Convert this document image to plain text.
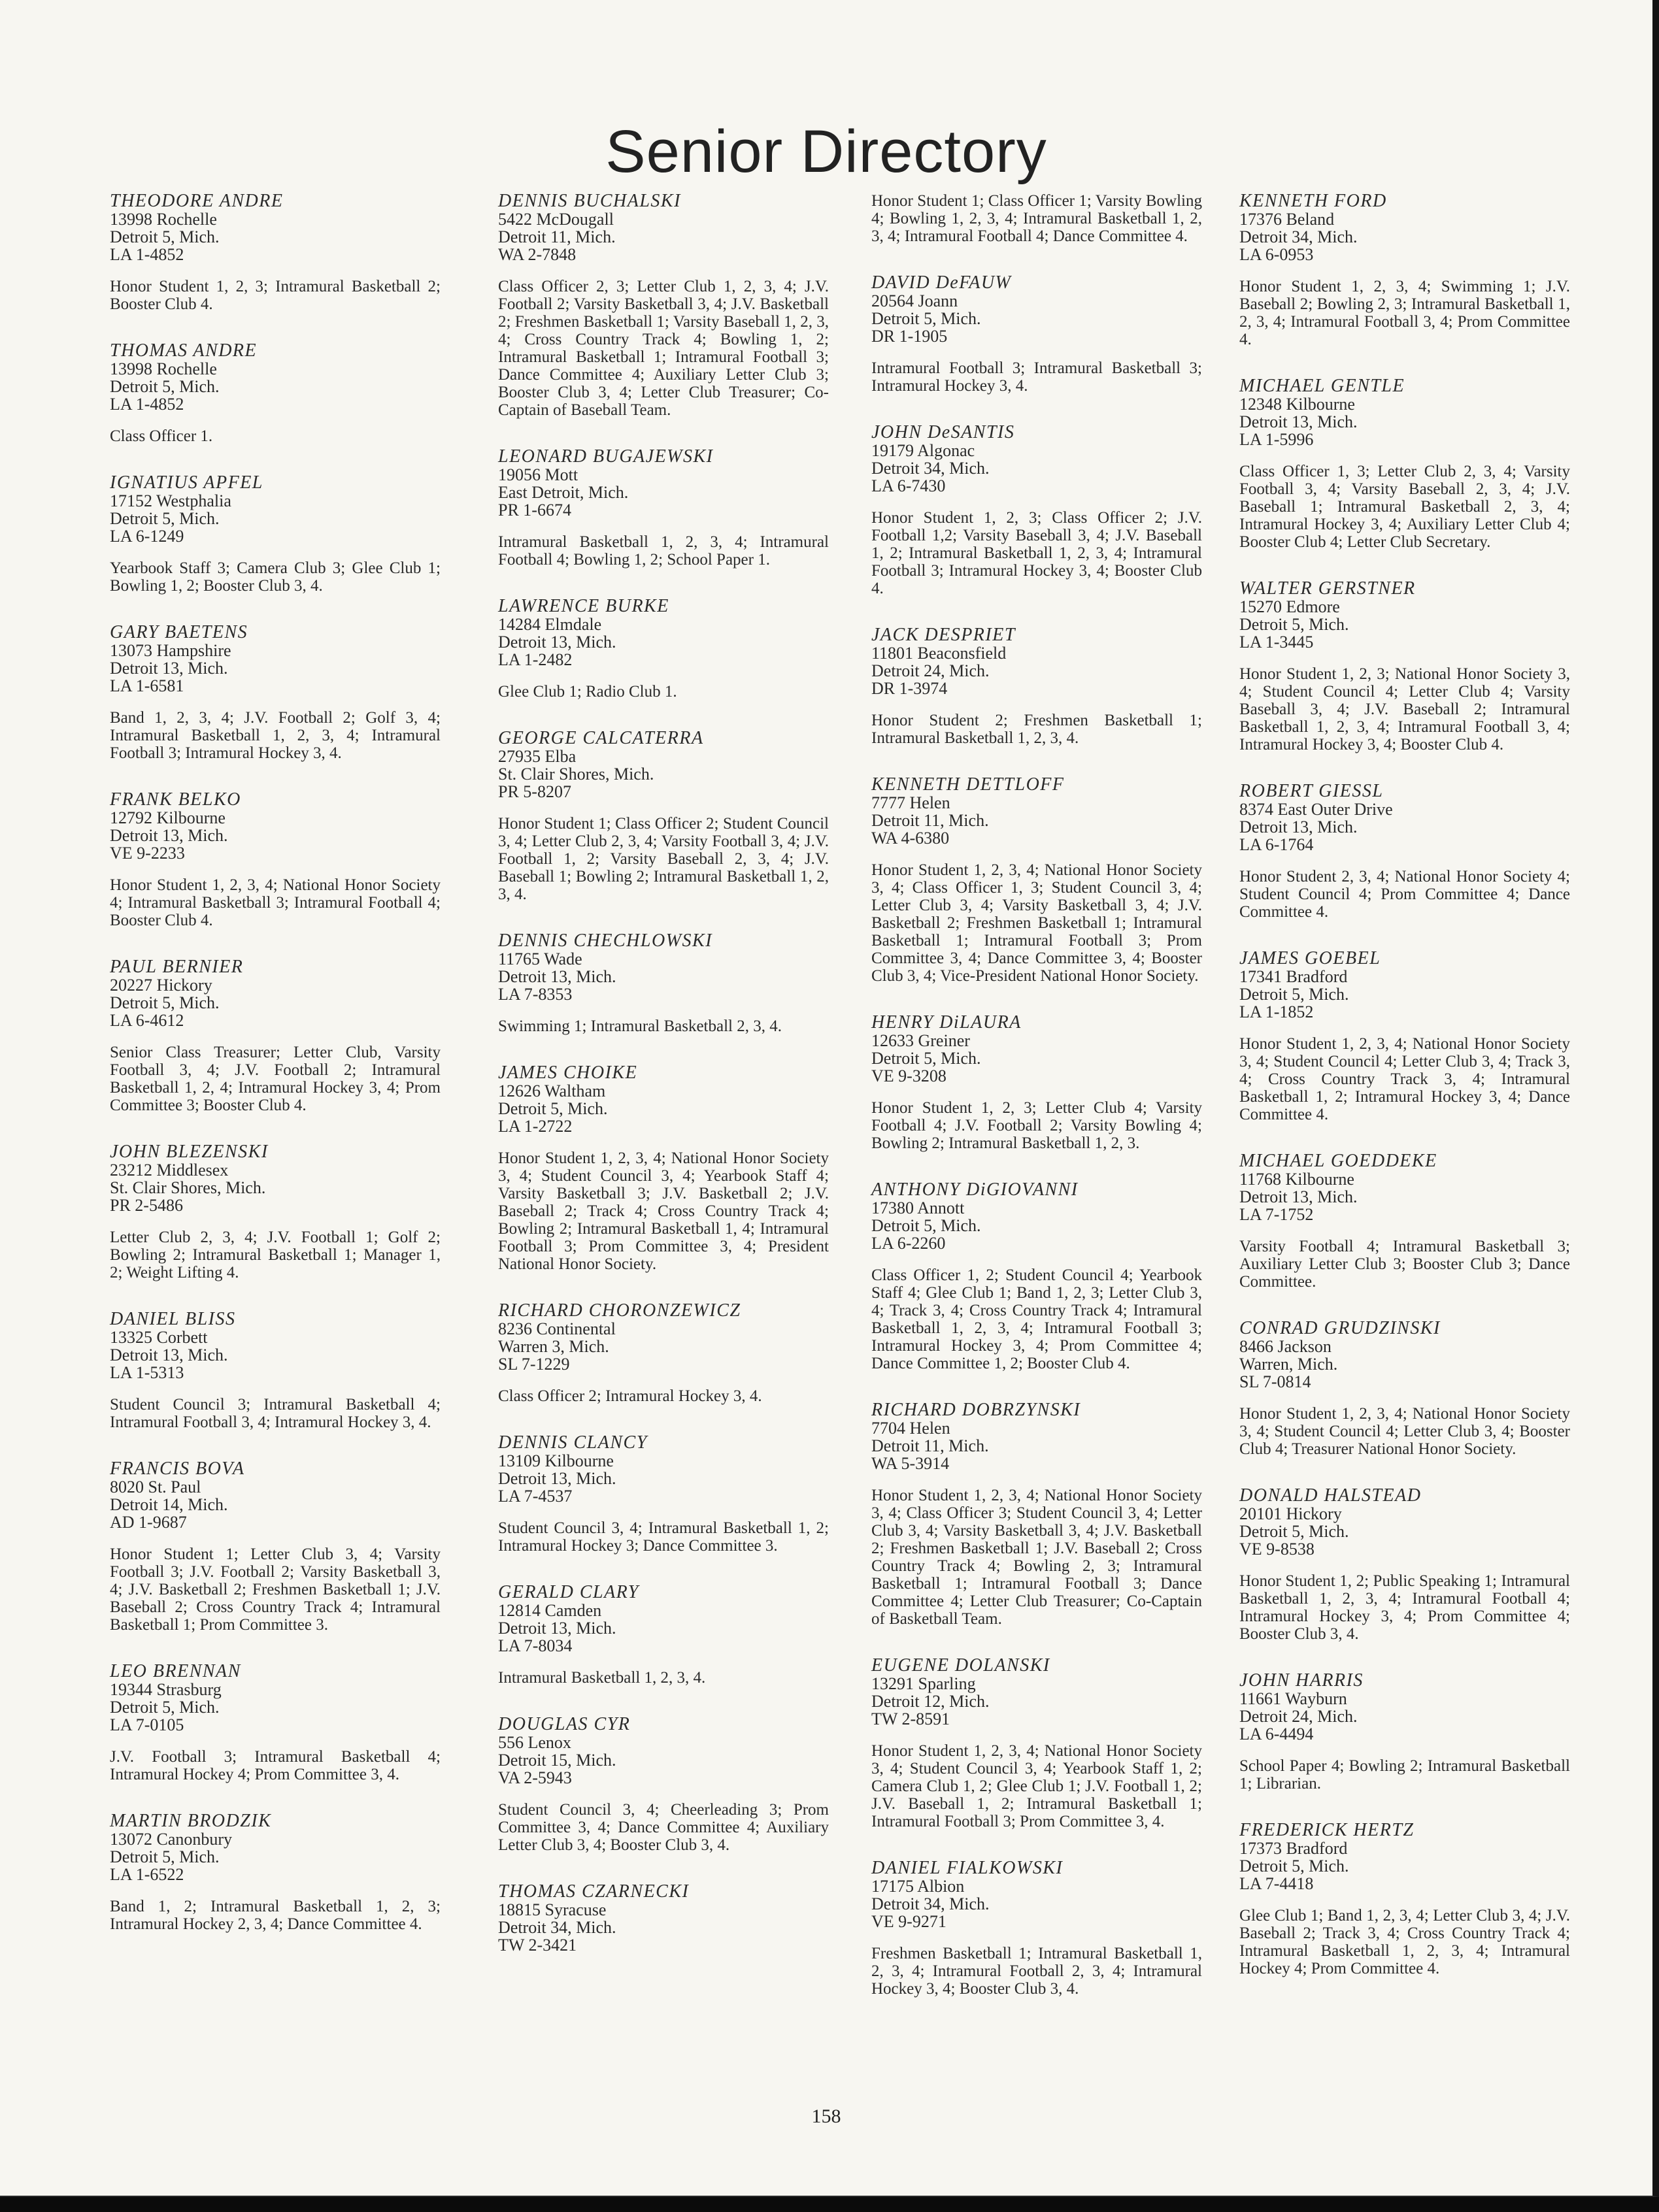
Senior Directory
THEODORE ANDRE
13998 Rochelle
Detroit 5, Mich.
LA 1-4852
Honor Student 1, 2, 3; Intramural Basketball 2; Booster Club 4.
THOMAS ANDRE
13998 Rochelle
Detroit 5, Mich.
LA 1-4852
Class Officer 1.
IGNATIUS APFEL
17152 Westphalia
Detroit 5, Mich.
LA 6-1249
Yearbook Staff 3; Camera Club 3; Glee Club 1; Bowling 1, 2; Booster Club 3, 4.
GARY BAETENS
13073 Hampshire
Detroit 13, Mich.
LA 1-6581
Band 1, 2, 3, 4; J.V. Football 2; Golf 3, 4; Intramural Basketball 1, 2, 3, 4; Intramural Football 3; Intramural Hockey 3, 4.
FRANK BELKO
12792 Kilbourne
Detroit 13, Mich.
VE 9-2233
Honor Student 1, 2, 3, 4; National Honor Society 4; Intramural Basketball 3; Intramural Football 4; Booster Club 4.
PAUL BERNIER
20227 Hickory
Detroit 5, Mich.
LA 6-4612
Senior Class Treasurer; Letter Club, Varsity Football 3, 4; J.V. Football 2; Intramural Basketball 1, 2, 4; Intramural Hockey 3, 4; Prom Committee 3; Booster Club 4.
JOHN BLEZENSKI
23212 Middlesex
St. Clair Shores, Mich.
PR 2-5486
Letter Club 2, 3, 4; J.V. Football 1; Golf 2; Bowling 2; Intramural Basketball 1; Manager 1, 2; Weight Lifting 4.
DANIEL BLISS
13325 Corbett
Detroit 13, Mich.
LA 1-5313
Student Council 3; Intramural Basketball 4; Intramural Football 3, 4; Intramural Hockey 3, 4.
FRANCIS BOVA
8020 St. Paul
Detroit 14, Mich.
AD 1-9687
Honor Student 1; Letter Club 3, 4; Varsity Football 3; J.V. Football 2; Varsity Basketball 3, 4; J.V. Basketball 2; Freshmen Basketball 1; J.V. Baseball 2; Cross Country Track 4; Intramural Basketball 1; Prom Committee 3.
LEO BRENNAN
19344 Strasburg
Detroit 5, Mich.
LA 7-0105
J.V. Football 3; Intramural Basketball 4; Intramural Hockey 4; Prom Committee 3, 4.
MARTIN BRODZIK
13072 Canonbury
Detroit 5, Mich.
LA 1-6522
Band 1, 2; Intramural Basketball 1, 2, 3; Intramural Hockey 2, 3, 4; Dance Committee 4.
DENNIS BUCHALSKI
5422 McDougall
Detroit 11, Mich.
WA 2-7848
Class Officer 2, 3; Letter Club 1, 2, 3, 4; J.V. Football 2; Varsity Basketball 3, 4; J.V. Basketball 2; Freshmen Basketball 1; Varsity Baseball 1, 2, 3, 4; Cross Country Track 4; Bowling 1, 2; Intramural Basketball 1; Intramural Football 3; Dance Committee 4; Auxiliary Letter Club 3; Booster Club 3, 4; Letter Club Treasurer; Co-Captain of Baseball Team.
LEONARD BUGAJEWSKI
19056 Mott
East Detroit, Mich.
PR 1-6674
Intramural Basketball 1, 2, 3, 4; Intramural Football 4; Bowling 1, 2; School Paper 1.
LAWRENCE BURKE
14284 Elmdale
Detroit 13, Mich.
LA 1-2482
Glee Club 1; Radio Club 1.
GEORGE CALCATERRA
27935 Elba
St. Clair Shores, Mich.
PR 5-8207
Honor Student 1; Class Officer 2; Student Council 3, 4; Letter Club 2, 3, 4; Varsity Football 3, 4; J.V. Football 1, 2; Varsity Baseball 2, 3, 4; J.V. Baseball 1; Bowling 2; Intramural Basketball 1, 2, 3, 4.
DENNIS CHECHLOWSKI
11765 Wade
Detroit 13, Mich.
LA 7-8353
Swimming 1; Intramural Basketball 2, 3, 4.
JAMES CHOIKE
12626 Waltham
Detroit 5, Mich.
LA 1-2722
Honor Student 1, 2, 3, 4; National Honor Society 3, 4; Student Council 3, 4; Yearbook Staff 4; Varsity Basketball 3; J.V. Basketball 2; J.V. Baseball 2; Track 4; Cross Country Track 4; Bowling 2; Intramural Basketball 1, 4; Intramural Football 3; Prom Committee 3, 4; President National Honor Society.
RICHARD CHORONZEWICZ
8236 Continental
Warren 3, Mich.
SL 7-1229
Class Officer 2; Intramural Hockey 3, 4.
DENNIS CLANCY
13109 Kilbourne
Detroit 13, Mich.
LA 7-4537
Student Council 3, 4; Intramural Basketball 1, 2; Intramural Hockey 3; Dance Committee 3.
GERALD CLARY
12814 Camden
Detroit 13, Mich.
LA 7-8034
Intramural Basketball 1, 2, 3, 4.
DOUGLAS CYR
556 Lenox
Detroit 15, Mich.
VA 2-5943
Student Council 3, 4; Cheerleading 3; Prom Committee 3, 4; Dance Committee 4; Auxiliary Letter Club 3, 4; Booster Club 3, 4.
THOMAS CZARNECKI
18815 Syracuse
Detroit 34, Mich.
TW 2-3421
Honor Student 1; Class Officer 1; Varsity Bowling 4; Bowling 1, 2, 3, 4; Intramural Basketball 1, 2, 3, 4; Intramural Football 4; Dance Committee 4.
DAVID DeFAUW
20564 Joann
Detroit 5, Mich.
DR 1-1905
Intramural Football 3; Intramural Basketball 3; Intramural Hockey 3, 4.
JOHN DeSANTIS
19179 Algonac
Detroit 34, Mich.
LA 6-7430
Honor Student 1, 2, 3; Class Officer 2; J.V. Football 1,2; Varsity Baseball 3, 4; J.V. Baseball 1, 2; Intramural Basketball 1, 2, 3, 4; Intramural Football 3; Intramural Hockey 3, 4; Booster Club 4.
JACK DESPRIET
11801 Beaconsfield
Detroit 24, Mich.
DR 1-3974
Honor Student 2; Freshmen Basketball 1; Intramural Basketball 1, 2, 3, 4.
KENNETH DETTLOFF
7777 Helen
Detroit 11, Mich.
WA 4-6380
Honor Student 1, 2, 3, 4; National Honor Society 3, 4; Class Officer 1, 3; Student Council 3, 4; Letter Club 3, 4; Varsity Basketball 3, 4; J.V. Basketball 2; Freshmen Basketball 1; Intramural Basketball 1; Intramural Football 3; Prom Committee 3, 4; Dance Committee 3, 4; Booster Club 3, 4; Vice-President National Honor Society.
HENRY DiLAURA
12633 Greiner
Detroit 5, Mich.
VE 9-3208
Honor Student 1, 2, 3; Letter Club 4; Varsity Football 4; J.V. Football 2; Varsity Bowling 4; Bowling 2; Intramural Basketball 1, 2, 3.
ANTHONY DiGIOVANNI
17380 Annott
Detroit 5, Mich.
LA 6-2260
Class Officer 1, 2; Student Council 4; Yearbook Staff 4; Glee Club 1; Band 1, 2, 3; Letter Club 3, 4; Track 3, 4; Cross Country Track 4; Intramural Basketball 1, 2, 3, 4; Intramural Football 3; Intramural Hockey 3, 4; Prom Committee 4; Dance Committee 1, 2; Booster Club 4.
RICHARD DOBRZYNSKI
7704 Helen
Detroit 11, Mich.
WA 5-3914
Honor Student 1, 2, 3, 4; National Honor Society 3, 4; Class Officer 3; Student Council 3, 4; Letter Club 3, 4; Varsity Basketball 3, 4; J.V. Basketball 2; Freshmen Basketball 1; J.V. Baseball 2; Cross Country Track 4; Bowling 2, 3; Intramural Basketball 1; Intramural Football 3; Dance Committee 4; Letter Club Treasurer; Co-Captain of Basketball Team.
EUGENE DOLANSKI
13291 Sparling
Detroit 12, Mich.
TW 2-8591
Honor Student 1, 2, 3, 4; National Honor Society 3, 4; Student Council 3, 4; Yearbook Staff 1, 2; Camera Club 1, 2; Glee Club 1; J.V. Football 1, 2; J.V. Baseball 1, 2; Intramural Basketball 1; Intramural Football 3; Prom Committee 3, 4.
DANIEL FIALKOWSKI
17175 Albion
Detroit 34, Mich.
VE 9-9271
Freshmen Basketball 1; Intramural Basketball 1, 2, 3, 4; Intramural Football 2, 3, 4; Intramural Hockey 3, 4; Booster Club 3, 4.
KENNETH FORD
17376 Beland
Detroit 34, Mich.
LA 6-0953
Honor Student 1, 2, 3, 4; Swimming 1; J.V. Baseball 2; Bowling 2, 3; Intramural Basketball 1, 2, 3, 4; Intramural Football 3, 4; Prom Committee 4.
MICHAEL GENTLE
12348 Kilbourne
Detroit 13, Mich.
LA 1-5996
Class Officer 1, 3; Letter Club 2, 3, 4; Varsity Football 3, 4; Varsity Baseball 2, 3, 4; J.V. Baseball 1; Intramural Basketball 2, 3, 4; Intramural Hockey 3, 4; Auxiliary Letter Club 4; Booster Club 4; Letter Club Secretary.
WALTER GERSTNER
15270 Edmore
Detroit 5, Mich.
LA 1-3445
Honor Student 1, 2, 3; National Honor Society 3, 4; Student Council 4; Letter Club 4; Varsity Baseball 3, 4; J.V. Baseball 2; Intramural Basketball 1, 2, 3, 4; Intramural Football 3, 4; Intramural Hockey 3, 4; Booster Club 4.
ROBERT GIESSL
8374 East Outer Drive
Detroit 13, Mich.
LA 6-1764
Honor Student 2, 3, 4; National Honor Society 4; Student Council 4; Prom Committee 4; Dance Committee 4.
JAMES GOEBEL
17341 Bradford
Detroit 5, Mich.
LA 1-1852
Honor Student 1, 2, 3, 4; National Honor Society 3, 4; Student Council 4; Letter Club 3, 4; Track 3, 4; Cross Country Track 3, 4; Intramural Basketball 1, 2; Intramural Hockey 3, 4; Dance Committee 4.
MICHAEL GOEDDEKE
11768 Kilbourne
Detroit 13, Mich.
LA 7-1752
Varsity Football 4; Intramural Basketball 3; Auxiliary Letter Club 3; Booster Club 3; Dance Committee.
CONRAD GRUDZINSKI
8466 Jackson
Warren, Mich.
SL 7-0814
Honor Student 1, 2, 3, 4; National Honor Society 3, 4; Student Council 4; Letter Club 3, 4; Booster Club 4; Treasurer National Honor Society.
DONALD HALSTEAD
20101 Hickory
Detroit 5, Mich.
VE 9-8538
Honor Student 1, 2; Public Speaking 1; Intramural Basketball 1, 2, 3, 4; Intramural Football 4; Intramural Hockey 3, 4; Prom Committee 4; Booster Club 3, 4.
JOHN HARRIS
11661 Wayburn
Detroit 24, Mich.
LA 6-4494
School Paper 4; Bowling 2; Intramural Basketball 1; Librarian.
FREDERICK HERTZ
17373 Bradford
Detroit 5, Mich.
LA 7-4418
Glee Club 1; Band 1, 2, 3, 4; Letter Club 3, 4; J.V. Baseball 2; Track 3, 4; Cross Country Track 4; Intramural Basketball 1, 2, 3, 4; Intramural Hockey 4; Prom Committee 4.
158
